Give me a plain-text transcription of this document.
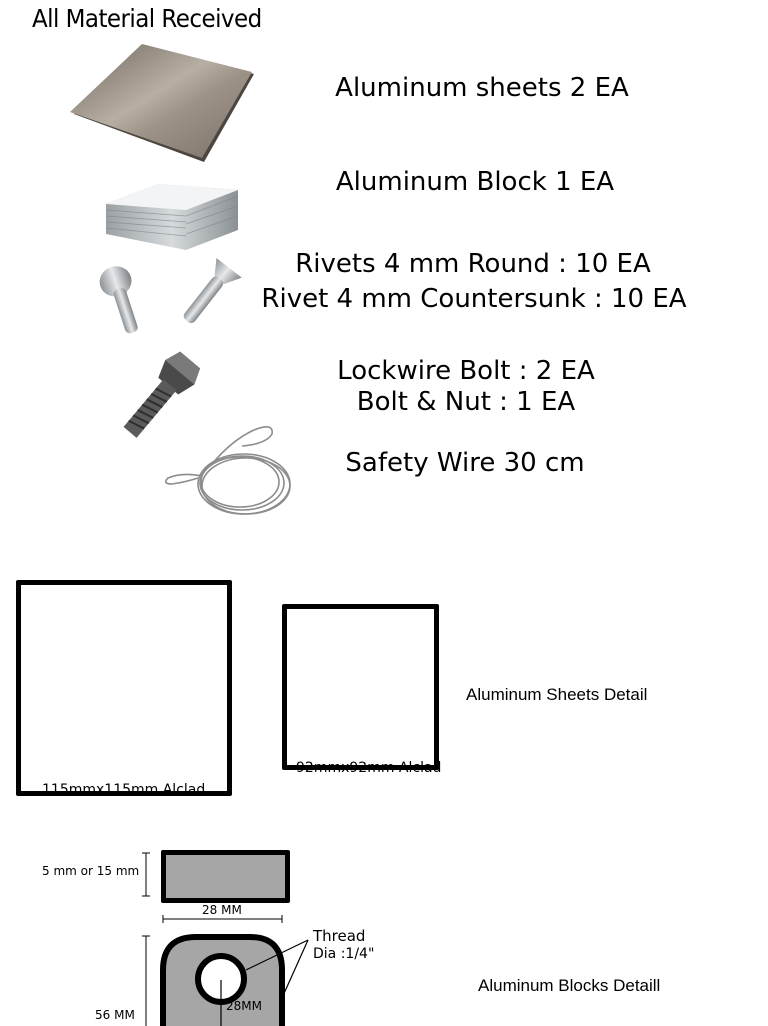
All Material Received
Aluminum sheets 2 EA
Aluminum Block 1 EA
Rivets 4 mm Round : 10 EA
Rivet 4 mm Countersunk : 10 EA
Lockwire Bolt : 2 EA
Bolt & Nut : 1 EA
Safety Wire 30 cm
115mmx115mm Alclad
92mmx92mm Alclad
Aluminum Sheets Detail
5 mm or 15 mm
28 MM
Thread
Dia :1/4"
56 MM
28MM
Aluminum Blocks Detaill
